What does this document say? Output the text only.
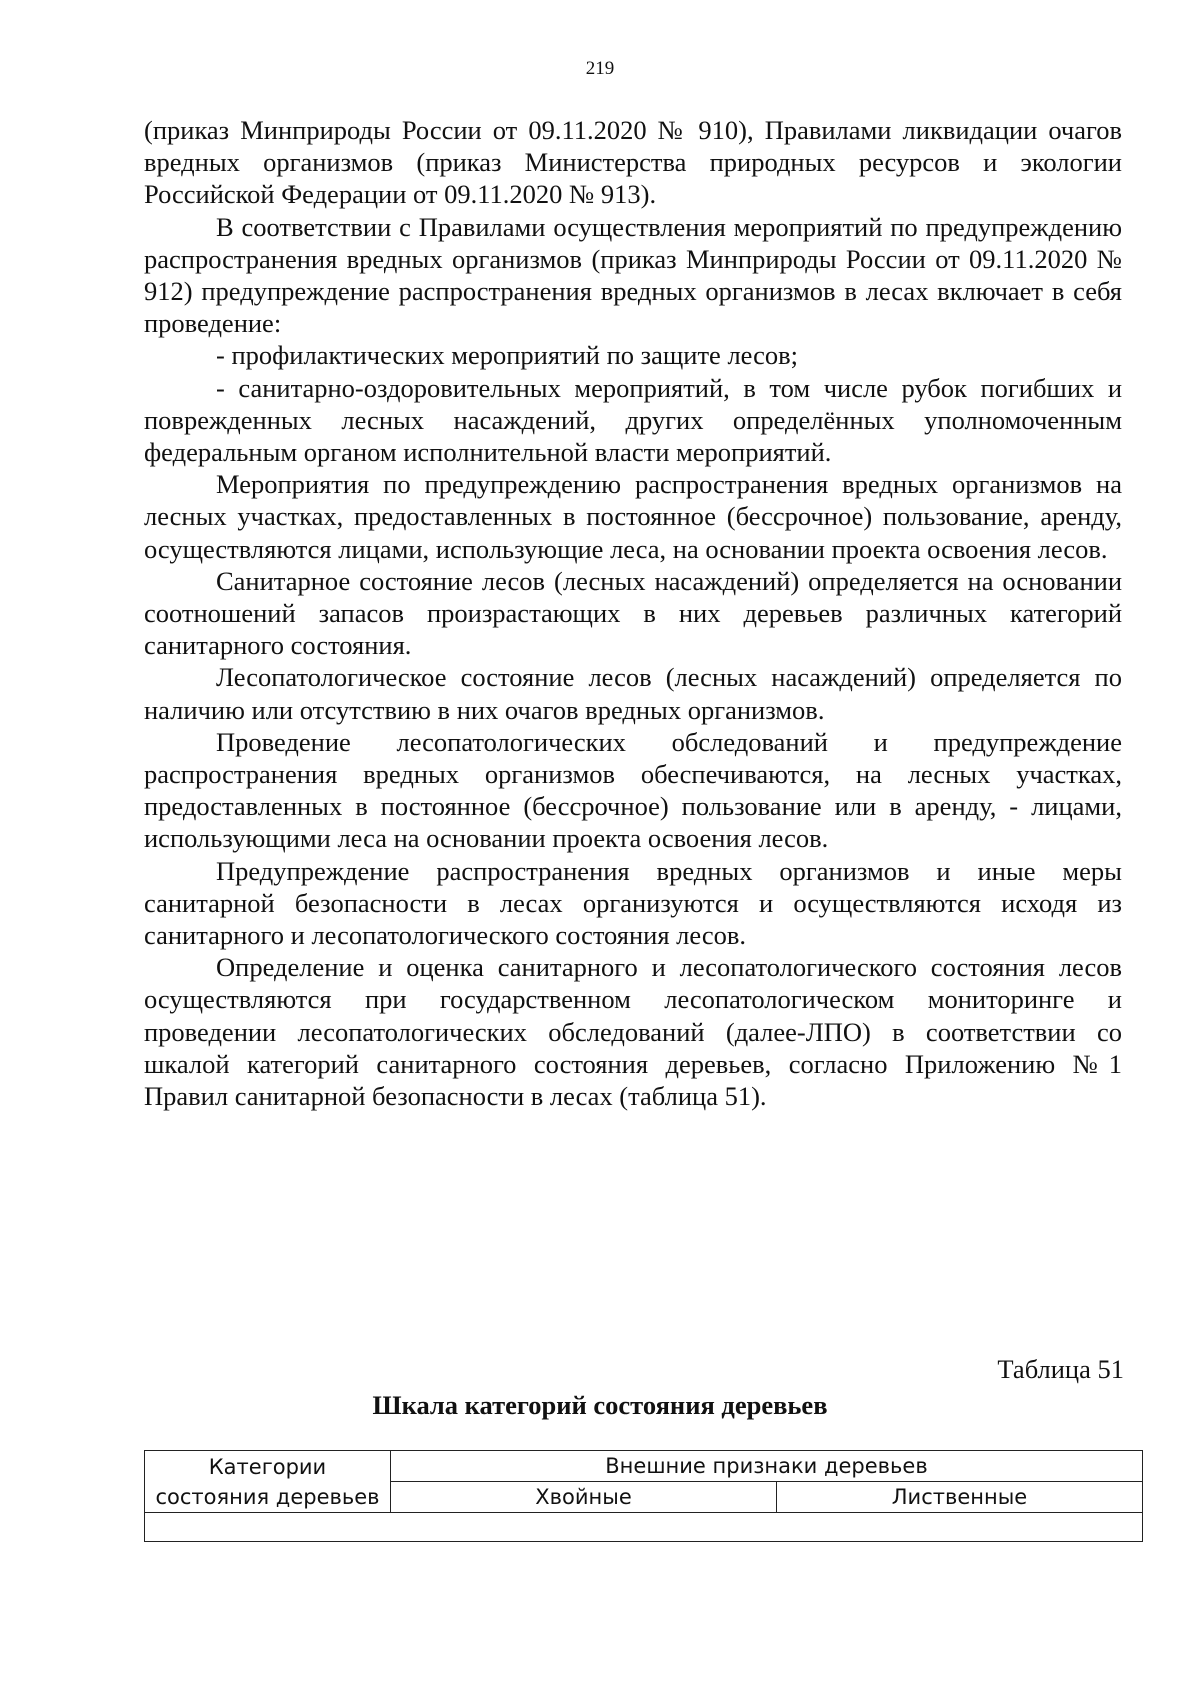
219

(приказ Минприроды России от 09.11.2020 № 910), Правилами ликвидации очагов вредных организмов (приказ Министерства природных ресурсов и экологии Российской Федерации от 09.11.2020 № 913).

В соответствии с Правилами осуществления мероприятий по предупреждению распространения вредных организмов (приказ Минприроды России от 09.11.2020 № 912) предупреждение распространения вредных организмов в лесах включает в себя проведение:

- профилактических мероприятий по защите лесов;

- санитарно-оздоровительных мероприятий, в том числе рубок погибших и поврежденных лесных насаждений, других определённых уполномоченным федеральным органом исполнительной власти мероприятий.

Мероприятия по предупреждению распространения вредных организмов на лесных участках, предоставленных в постоянное (бессрочное) пользование, аренду, осуществляются лицами, использующие леса, на основании проекта освоения лесов.

Санитарное состояние лесов (лесных насаждений) определяется на основании соотношений запасов произрастающих в них деревьев различных категорий санитарного состояния.

Лесопатологическое состояние лесов (лесных насаждений) определяется по наличию или отсутствию в них очагов вредных организмов.

Проведение лесопатологических обследований и предупреждение распространения вредных организмов обеспечиваются, на лесных участках, предоставленных в постоянное (бессрочное) пользование или в аренду, - лицами, использующими леса на основании проекта освоения лесов.

Предупреждение распространения вредных организмов и иные меры санитарной безопасности в лесах организуются и осуществляются исходя из санитарного и лесопатологического состояния лесов.

Определение и оценка санитарного и лесопатологического состояния лесов осуществляются при государственном лесопатологическом мониторинге и проведении лесопатологических обследований (далее-ЛПО) в соответствии со шкалой категорий санитарного состояния деревьев, согласно Приложению №1 Правил санитарной безопасности в лесах (таблица 51).

Таблица 51
Шкала категорий состояния деревьев
Категории
состояния деревьев	Внешние признаки деревьев	
	Хвойные	Лиственные
